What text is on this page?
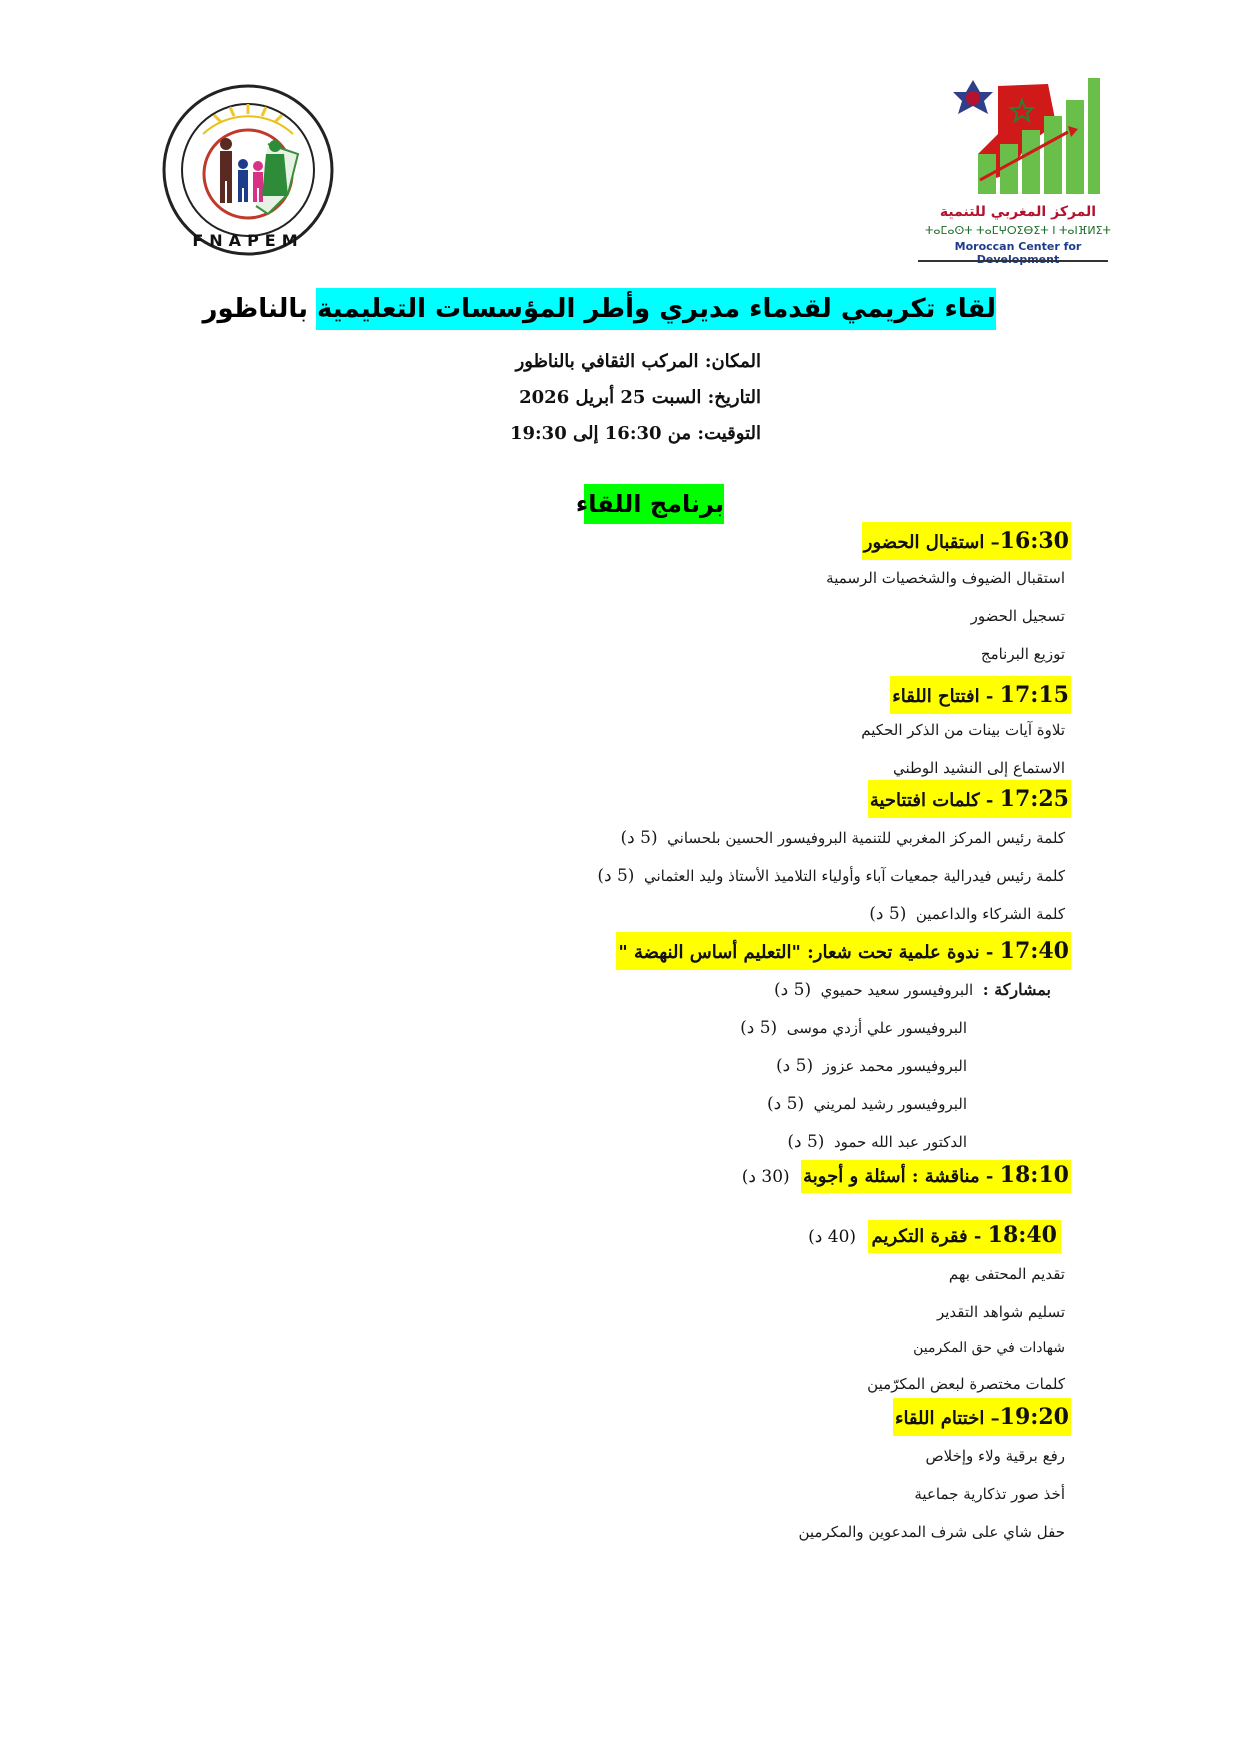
FNAPEM
المركز المغربي للتنمية
ⵜⴰⵎⴰⵙⵜ ⵜⴰⵎⵖⵔⵉⴱⵉⵜ ⵏ ⵜⴰⵏⴼⵍⵉⵜ
Moroccan Center for
لقاء تكريمي لقدماء مديري وأطر المؤسسات التعليمية بالناظور
المكان: المركب الثقافي بالناظور
التاريخ: السبت 25 أبريل 2026
التوقيت: من 16:30 إلى 19:30
برنامج اللقاء
16:30– استقبال الحضور
استقبال الضيوف والشخصيات الرسمية
تسجيل الحضور
توزيع البرنامج
17:15 - افتتاح اللقاء
تلاوة آيات بينات من الذكر الحكيم
الاستماع إلى النشيد الوطني
17:25 - كلمات افتتاحية
كلمة رئيس المركز المغربي للتنمية البروفيسور الحسين بلحساني  (5 د)
كلمة رئيس فيدرالية جمعيات آباء وأولياء التلاميذ الأستاذ وليد العثماني  (5 د)
كلمة الشركاء والداعمين  (5 د)
17:40 - ندوة علمية تحت شعار: "التعليم أساس النهضة "
بمشاركة :  البروفيسور سعيد حميوي  (5 د)
البروفيسور علي أزدي موسى  (5 د)
البروفيسور محمد عزوز  (5 د)
البروفيسور رشيد لمريني  (5 د)
الدكتور عبد الله حمود  (5 د)
18:10 - مناقشة : أسئلة و أجوبة  (30 د)
18:40 - فقرة التكريم  (40 د)
تقديم المحتفى بهم
تسليم شواهد التقدير
شهادات في حق المكرمين
كلمات مختصرة لبعض المكرّمين
19:20– اختتام اللقاء
رفع برقية ولاء وإخلاص
أخذ صور تذكارية جماعية
حفل شاي على شرف المدعوين والمكرمين
